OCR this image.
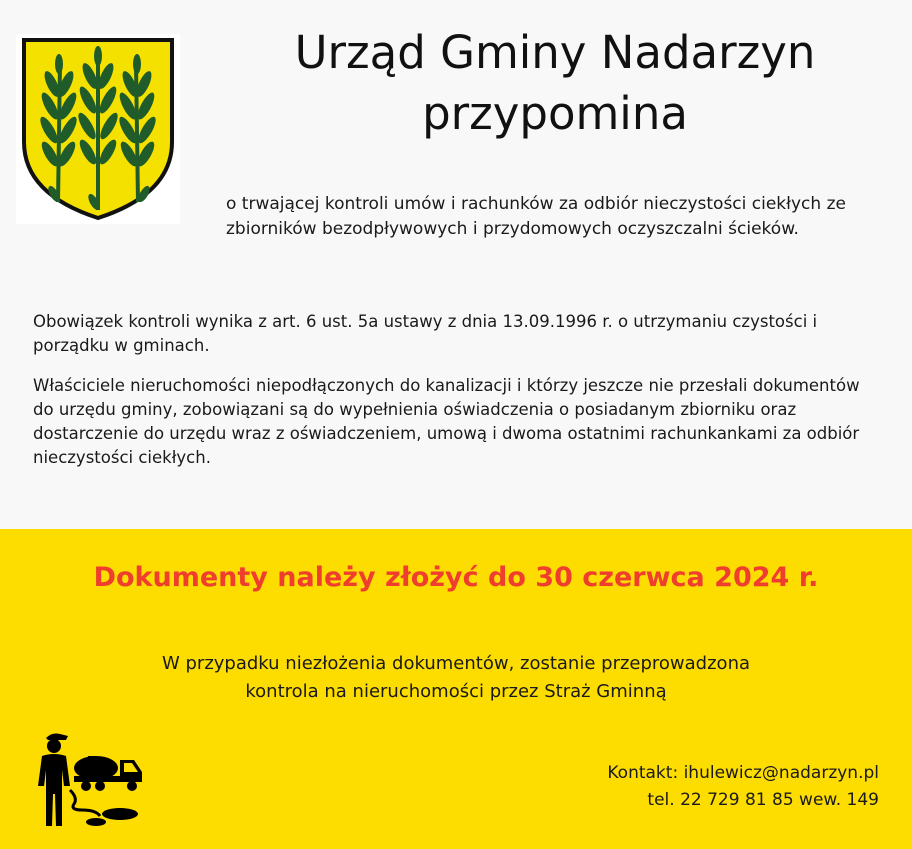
Urząd Gminy Nadarzyn
przypomina

o trwającej kontroli umów i rachunków za odbiór nieczystości ciekłych ze zbiorników bezodpływowych i przydomowych oczyszczalni ścieków.

Obowiązek kontroli wynika z art. 6 ust. 5a ustawy z dnia 13.09.1996 r. o utrzymaniu czystości i porządku w gminach.

Właściciele nieruchomości niepodłączonych do kanalizacji i którzy jeszcze nie przesłali dokumentów do urzędu gminy, zobowiązani są do wypełnienia oświadczenia o posiadanym zbiorniku oraz dostarczenie do urzędu wraz z oświadczeniem, umową i dwoma ostatnimi rachunkankami za odbiór nieczystości ciekłych.

Dokumenty należy złożyć do 30 czerwca 2024 r.

W przypadku niezłożenia dokumentów, zostanie przeprowadzona
kontrola na nieruchomości przez Straż Gminną

Kontakt: ihulewicz@nadarzyn.pl
tel. 22 729 81 85 wew. 149
